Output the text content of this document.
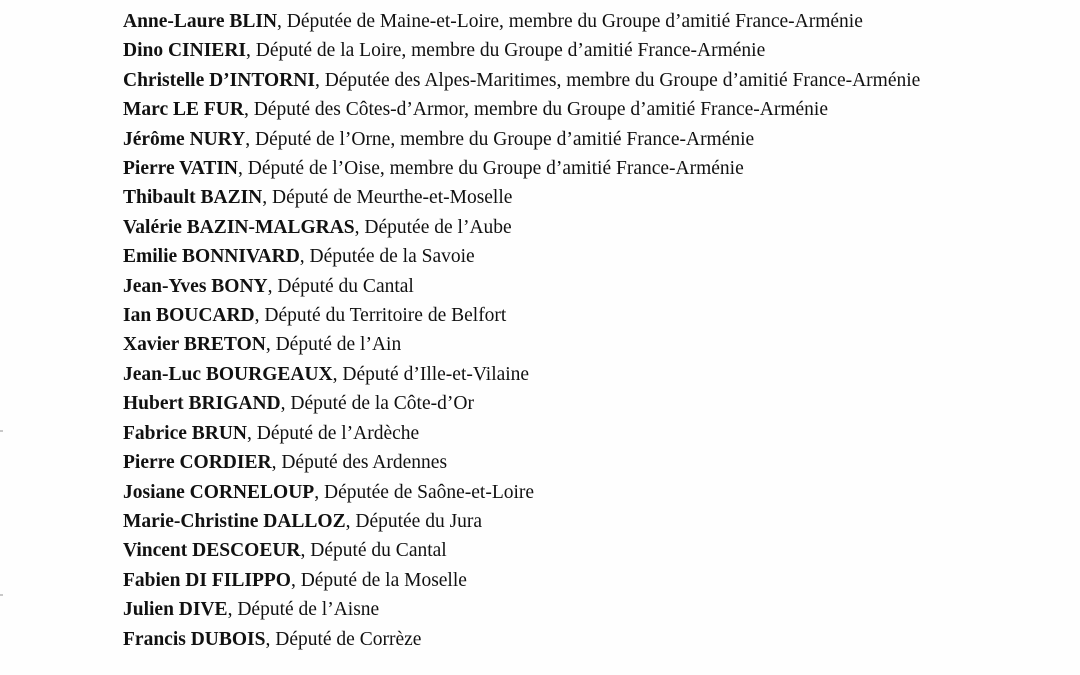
Anne-Laure BLIN, Députée de Maine-et-Loire, membre du Groupe d’amitié France-Arménie
Dino CINIERI, Député de la Loire, membre du Groupe d’amitié France-Arménie
Christelle D’INTORNI, Députée des Alpes-Maritimes, membre du Groupe d’amitié France-Arménie
Marc LE FUR, Député des Côtes-d’Armor, membre du Groupe d’amitié France-Arménie
Jérôme NURY, Député de l’Orne, membre du Groupe d’amitié France-Arménie
Pierre VATIN, Député de l’Oise, membre du Groupe d’amitié France-Arménie
Thibault BAZIN, Député de Meurthe-et-Moselle
Valérie BAZIN-MALGRAS, Députée de l’Aube
Emilie BONNIVARD, Députée de la Savoie
Jean-Yves BONY, Député du Cantal
Ian BOUCARD, Député du Territoire de Belfort
Xavier BRETON, Député de l’Ain
Jean-Luc BOURGEAUX, Député d’Ille-et-Vilaine
Hubert BRIGAND, Député de la Côte-d’Or
Fabrice BRUN, Député de l’Ardèche
Pierre CORDIER, Député des Ardennes
Josiane CORNELOUP, Députée de Saône-et-Loire
Marie-Christine DALLOZ, Députée du Jura
Vincent DESCOEUR, Député du Cantal
Fabien DI FILIPPO, Député de la Moselle
Julien DIVE, Député de l’Aisne
Francis DUBOIS, Député de Corrèze
